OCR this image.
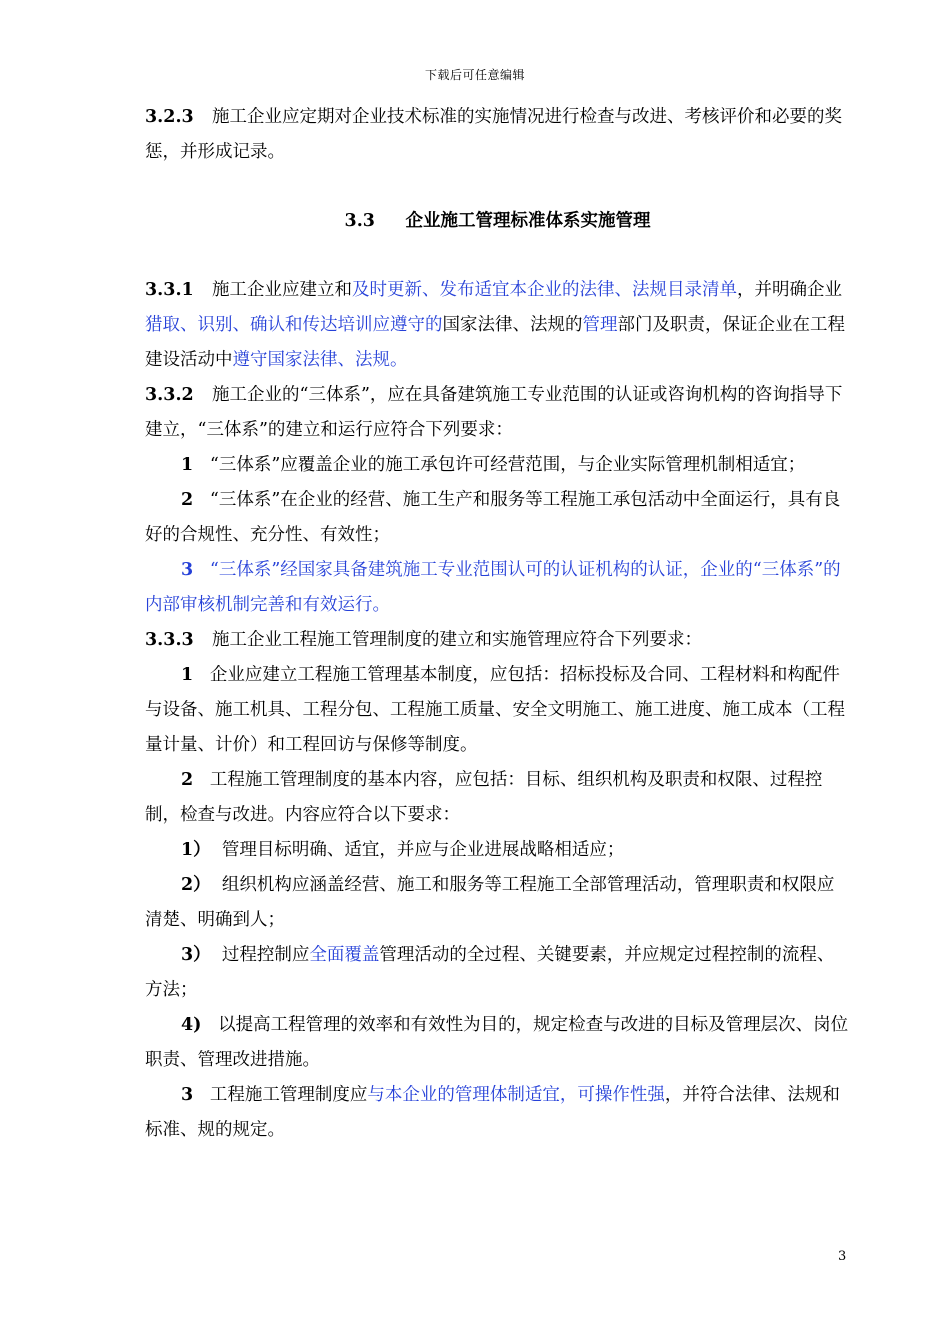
下载后可任意编辑

3.2.3 施工企业应定期对企业技术标准的实施情况进行检查与改进、考核评价和必要的奖惩，并形成记录。

3.3 企业施工管理标准体系实施管理

3.3.1 施工企业应建立和及时更新、发布适宜本企业的法律、法规目录清单，并明确企业猎取、识别、确认和传达培训应遵守的国家法律、法规的管理部门及职责，保证企业在工程建设活动中遵守国家法律、法规。

3.3.2 施工企业的“三体系”，应在具备建筑施工专业范围的认证或咨询机构的咨询指导下建立，“三体系”的建立和运行应符合下列要求：

1 “三体系”应覆盖企业的施工承包许可经营范围，与企业实际管理机制相适宜；

2 “三体系”在企业的经营、施工生产和服务等工程施工承包活动中全面运行，具有良好的合规性、充分性、有效性；

3 “三体系”经国家具备建筑施工专业范围认可的认证机构的认证，企业的“三体系”的内部审核机制完善和有效运行。

3.3.3 施工企业工程施工管理制度的建立和实施管理应符合下列要求：

1 企业应建立工程施工管理基本制度，应包括：招标投标及合同、工程材料和构配件与设备、施工机具、工程分包、工程施工质量、安全文明施工、施工进度、施工成本（工程量计量、计价）和工程回访与保修等制度。

2 工程施工管理制度的基本内容，应包括：目标、组织机构及职责和权限、过程控制，检查与改进。内容应符合以下要求：

1） 管理目标明确、适宜，并应与企业进展战略相适应；

2） 组织机构应涵盖经营、施工和服务等工程施工全部管理活动，管理职责和权限应清楚、明确到人；

3） 过程控制应全面覆盖管理活动的全过程、关键要素，并应规定过程控制的流程、方法；

4) 以提高工程管理的效率和有效性为目的，规定检查与改进的目标及管理层次、岗位职责、管理改进措施。

3 工程施工管理制度应与本企业的管理体制适宜，可操作性强，并符合法律、法规和标准、规的规定。

3
